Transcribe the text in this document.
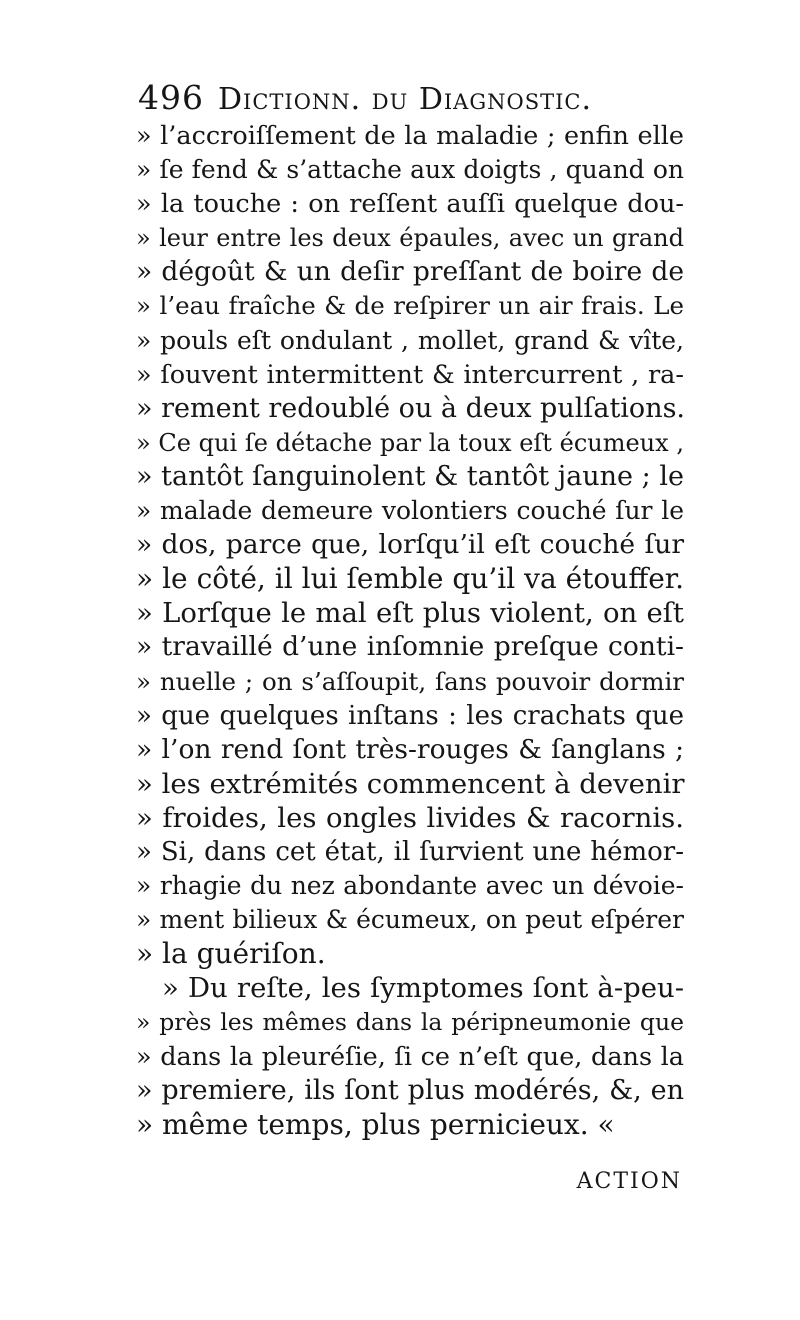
496 Dictionn. du Diagnostic.
» l’accroiſſement de la maladie ; enfin elle
» ſe fend & s’attache aux doigts , quand on
» la touche : on reſſent auſſi quelque dou-
» leur entre les deux épaules, avec un grand
» dégoût & un deſir preſſant de boire de
» l’eau fraîche & de reſpirer un air frais. Le
» pouls eſt ondulant , mollet, grand & vîte,
» ſouvent intermittent & intercurrent , ra-
» rement redoublé ou à deux pulſations.
» Ce qui ſe détache par la toux eſt écumeux ,
» tantôt ſanguinolent & tantôt jaune ; le
» malade demeure volontiers couché ſur le
» dos, parce que, lorſqu’il eſt couché ſur
» le côté, il lui ſemble qu’il va étouffer.
» Lorſque le mal eſt plus violent, on eſt
» travaillé d’une inſomnie preſque conti-
» nuelle ; on s’aſſoupit, ſans pouvoir dormir
» que quelques inſtans : les crachats que
» l’on rend ſont très-rouges & ſanglans ;
» les extrémités commencent à devenir
» froides, les ongles livides & racornis.
» Si, dans cet état, il ſurvient une hémor-
» rhagie du nez abondante avec un dévoie-
» ment bilieux & écumeux, on peut eſpérer
» la guériſon.
» Du reſte, les ſymptomes ſont à-peu-
» près les mêmes dans la péripneumonie que
» dans la pleuréſie, ſi ce n’eſt que, dans la
» premiere, ils ſont plus modérés, &, en
» même temps, plus pernicieux. «
ACTION
